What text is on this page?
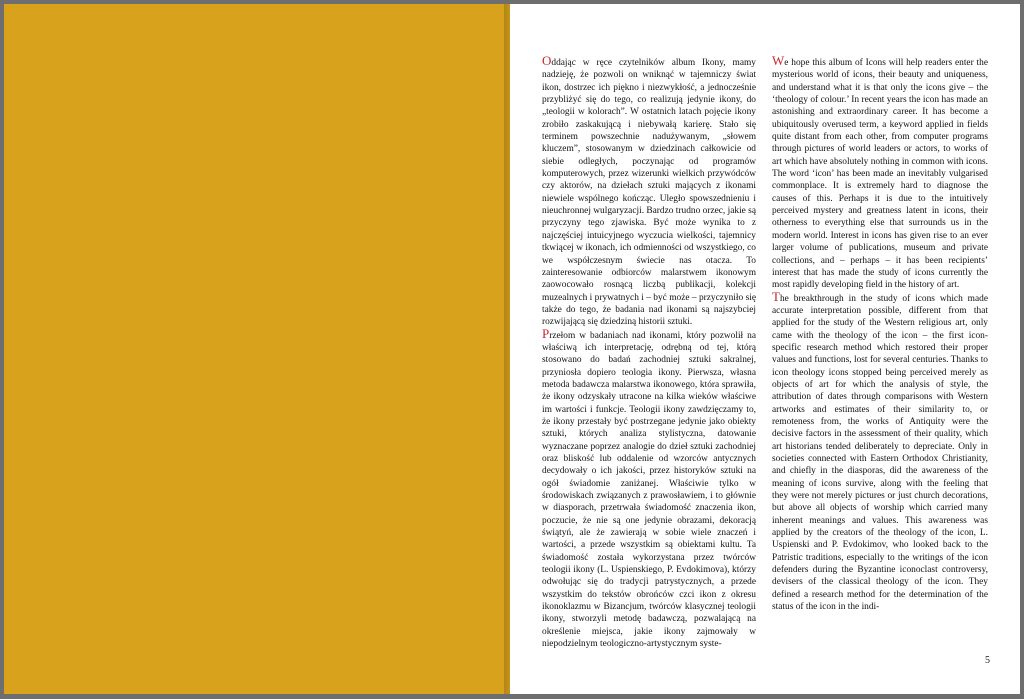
Oddając w ręce czytelników album Ikony, mamy nadzieję, że pozwoli on wniknąć w tajemniczy świat ikon, dostrzec ich piękno i niezwykłość, a jednocześnie przybliżyć się do tego, co realizują jedynie ikony, do „teologii w kolorach”. W ostatnich latach pojęcie ikony zrobiło zaskakującą i niebywałą karierę. Stało się terminem powszechnie nadużywanym, „słowem kluczem”, stosowanym w dziedzinach całkowicie od siebie odległych, poczynając od programów komputerowych, przez wizerunki wielkich przywódców czy aktorów, na dziełach sztuki mających z ikonami niewiele wspólnego kończąc. Uległo spowszednieniu i nieuchronnej wulgaryzacji. Bardzo trudno orzec, jakie są przyczyny tego zjawiska. Być może wynika to z najczęściej intuicyjnego wyczucia wielkości, tajemnicy tkwiącej w ikonach, ich odmienności od wszystkiego, co we współczesnym świecie nas otacza. To zainteresowanie odbiorców malarstwem ikonowym zaowocowało rosnącą liczbą publikacji, kolekcji muzealnych i prywatnych i – być może – przyczyniło się także do tego, że badania nad ikonami są najszybciej rozwijającą się dziedziną historii sztuki.

Przełom w badaniach nad ikonami, który pozwolił na właściwą ich interpretację, odrębną od tej, którą stosowano do badań zachodniej sztuki sakralnej, przyniosła dopiero teologia ikony. Pierwsza, własna metoda badawcza malarstwa ikonowego, która sprawiła, że ikony odzyskały utracone na kilka wieków właściwe im wartości i funkcje. Teologii ikony zawdzięczamy to, że ikony przestały być postrzegane jedynie jako obiekty sztuki, których analiza stylistyczna, datowanie wyznaczane poprzez analogie do dzieł sztuki zachodniej oraz bliskość lub oddalenie od wzorców antycznych decydowały o ich jakości, przez historyków sztuki na ogół świadomie zaniżanej. Właściwie tylko w środowiskach związanych z prawosławiem, i to głównie w diasporach, przetrwała świadomość znaczenia ikon, poczucie, że nie są one jedynie obrazami, dekoracją świątyń, ale że zawierają w sobie wiele znaczeń i wartości, a przede wszystkim są obiektami kultu. Ta świadomość została wykorzystana przez twórców teologii ikony (L. Uspienskiego, P. Evdokimova), którzy odwołując się do tradycji patrystycznych, a przede wszystkim do tekstów obrońców czci ikon z okresu ikonoklazmu w Bizancjum, twórców klasycznej teologii ikony, stworzyli metodę badawczą, pozwalającą na określenie miejsca, jakie ikony zajmowały w niepodzielnym teologiczno-artystycznym syste-

We hope this album of Icons will help readers enter the mysterious world of icons, their beauty and uniqueness, and understand what it is that only the icons give – the ‘theology of colour.’ In recent years the icon has made an astonishing and extraordinary career. It has become a ubiquitously overused term, a keyword applied in fields quite distant from each other, from computer programs through pictures of world leaders or actors, to works of art which have absolutely nothing in common with icons. The word ‘icon’ has been made an inevitably vulgarised commonplace. It is extremely hard to diagnose the causes of this. Perhaps it is due to the intuitively perceived mystery and greatness latent in icons, their otherness to everything else that surrounds us in the modern world. Interest in icons has given rise to an ever larger volume of publications, museum and private collections, and – perhaps – it has been recipients’ interest that has made the study of icons currently the most rapidly developing field in the history of art.

The breakthrough in the study of icons which made accurate interpretation possible, different from that applied for the study of the Western religious art, only came with the theology of the icon – the first icon-specific research method which restored their proper values and functions, lost for several centuries. Thanks to icon theology icons stopped being perceived merely as objects of art for which the analysis of style, the attribution of dates through comparisons with Western artworks and estimates of their similarity to, or remoteness from, the works of Antiquity were the decisive factors in the assessment of their quality, which art historians tended deliberately to depreciate. Only in societies connected with Eastern Orthodox Christianity, and chiefly in the diasporas, did the awareness of the meaning of icons survive, along with the feeling that they were not merely pictures or just church decorations, but above all objects of worship which carried many inherent meanings and values. This awareness was applied by the creators of the theology of the icon, L. Uspienski and P. Evdokimov, who looked back to the Patristic traditions, especially to the writings of the icon defenders during the Byzantine iconoclast controversy, devisers of the classical theology of the icon. They defined a research method for the determination of the status of the icon in the indi-

5
